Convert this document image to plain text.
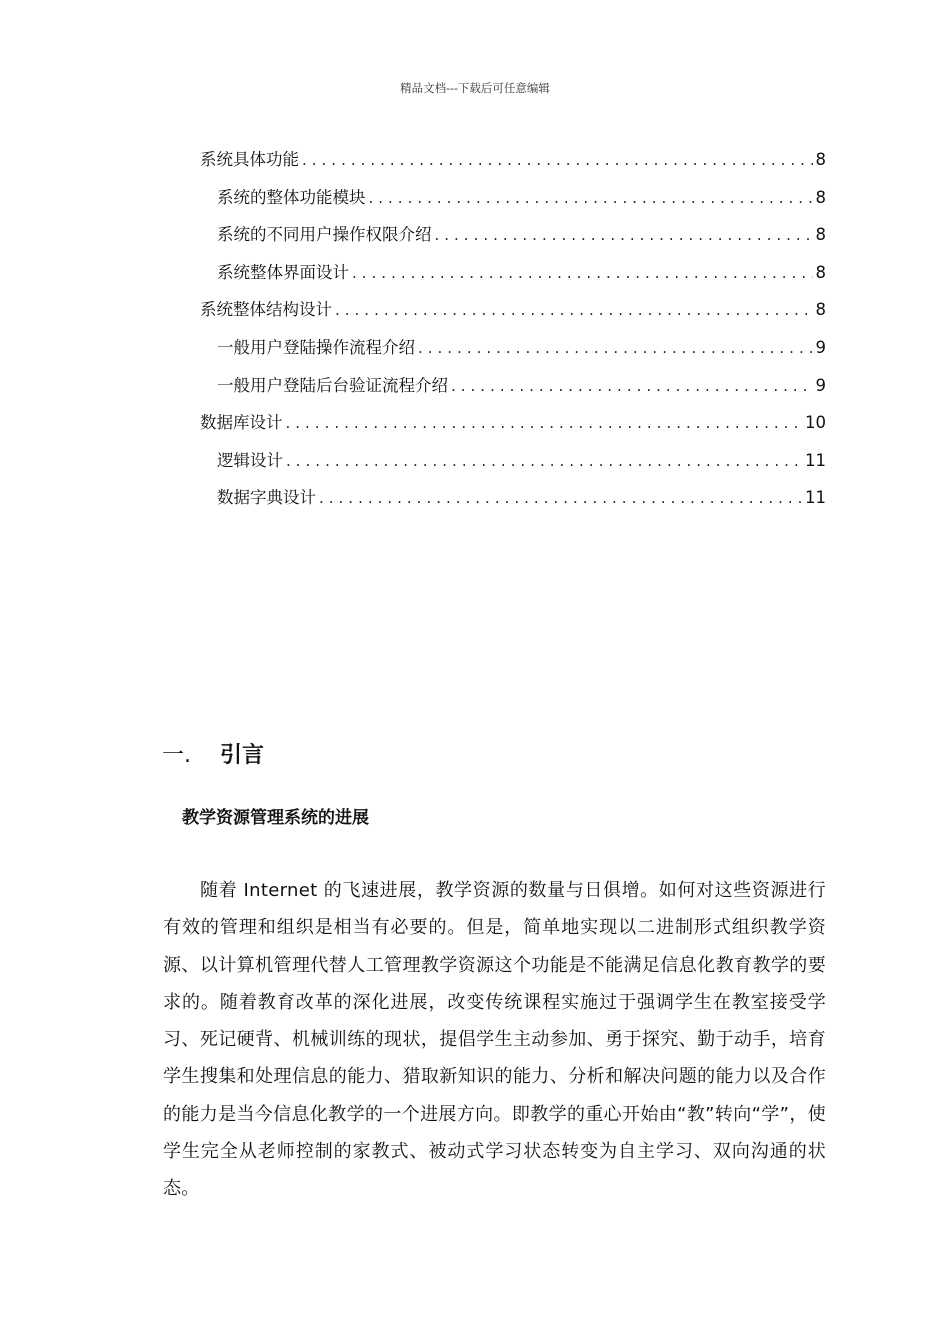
精品文档---下载后可任意编辑
系统具体功能 .....	8
系统的整体功能模块 .....	8
系统的不同用户操作权限介绍 .....	8
系统整体界面设计 .....	8
系统整体结构设计 .....	8
一般用户登陆操作流程介绍 .....	9
一般用户登陆后台验证流程介绍 .....	9
数据库设计 .....	10
逻辑设计 .....	11
数据字典设计 .....	11
一.	引言
教学资源管理系统的进展

随着 Internet 的飞速进展，教学资源的数量与日俱增。如何对这些资源进行有效的管理和组织是相当有必要的。但是，简单地实现以二进制形式组织教学资源、以计算机管理代替人工管理教学资源这个功能是不能满足信息化教育教学的要求的。随着教育改革的深化进展，改变传统课程实施过于强调学生在教室接受学习、死记硬背、机械训练的现状，提倡学生主动参加、勇于探究、勤于动手，培育学生搜集和处理信息的能力、猎取新知识的能力、分析和解决问题的能力以及合作的能力是当今信息化教学的一个进展方向。即教学的重心开始由“教”转向“学”，使学生完全从老师控制的家教式、被动式学习状态转变为自主学习、双向沟通的状态。
